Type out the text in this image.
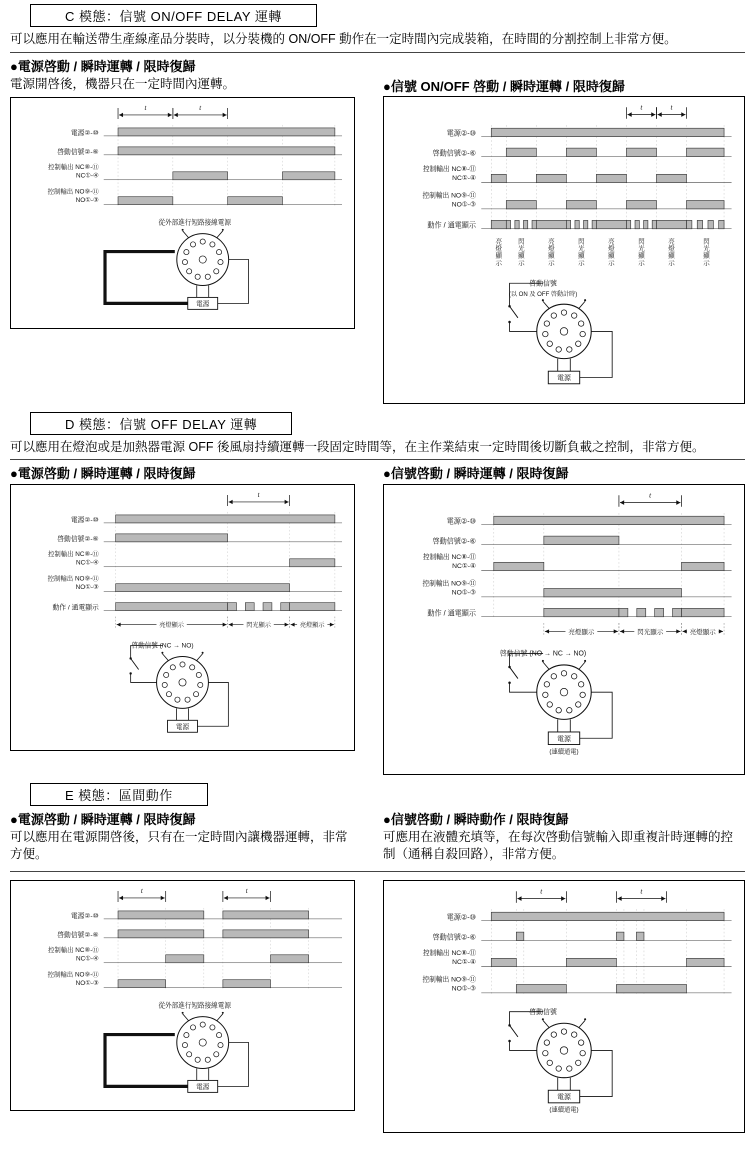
C 模態：信號 ON/OFF DELAY 運轉
可以應用在輸送帶生產線產品分裝時，以分裝機的 ON/OFF 動作在一定時間內完成裝箱，在時間的分割控制上非常方便。
●電源啓動 / 瞬時運轉 / 限時復歸
電源開啓後，機器只在一定時間內運轉。
t	t
電源②-⑩
啓動信號②-⑥
控制輸出 NC⑧-⑪
NC①-④
控制輸出 NO⑨-⑪
NO①-③
從外部進行短路接線電源
電源
●信號 ON/OFF 啓動 / 瞬時運轉 / 限時復歸
t	t
電源②-⑩
啓動信號②-⑥
控制輸出 NC⑧-⑪
NC①-④
控制輸出 NO⑨-⑪
NO①-③
動作 / 通電顯示
亮燈顯示
閃光顯示
亮燈顯示
閃光顯示
亮燈顯示
閃光顯示
亮燈顯示
閃光顯示
啓動信號
(以 ON 及 OFF 啓動計時)
電源
D 模態：信號 OFF DELAY 運轉
可以應用在燈泡或是加熱器電源 OFF 後風扇持續運轉一段固定時間等，在主作業結束一定時間後切斷負載之控制，非常方便。
●電源啓動 / 瞬時運轉 / 限時復歸
t
電源②-⑩
啓動信號②-⑥
控制輸出 NC⑧-⑪
NC①-④
控制輸出 NO⑨-⑪
NO①-③
動作 / 通電顯示
亮燈顯示	閃光顯示	亮燈顯示
啓動信號 (NC → NO)
電源
●信號啓動 / 瞬時運轉 / 限時復歸
t
電源②-⑩
啓動信號②-⑥
控制輸出 NC⑧-⑪
NC①-④
控制輸出 NO⑨-⑪
NO①-③
動作 / 通電顯示
亮燈顯示	閃光顯示	亮燈顯示
啓動信號 (NO → NC → NO)
電源
(連續通電)
E 模態：區間動作
●電源啓動 / 瞬時運轉 / 限時復歸
可以應用在電源開啓後，只有在一定時間內讓機器運轉，非常方便。
●信號啓動 / 瞬時動作 / 限時復歸
可應用在液體充填等，在每次啓動信號輸入即重複計時運轉的控制（通稱自殺回路），非常方便。
t	t
電源②-⑩
啓動信號②-⑥
控制輸出 NC⑧-⑪
NC①-④
控制輸出 NO⑨-⑪
NO①-③
從外部進行短路接線電源
電源
t	t
電源②-⑩
啓動信號②-⑥
控制輸出 NC⑧-⑪
NC①-④
控制輸出 NO⑨-⑪
NO①-③
啓動信號
電源
(連續通電)
